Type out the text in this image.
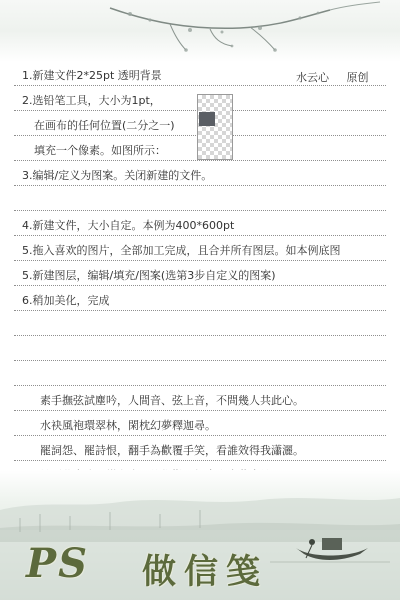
水云心 原创
1.新建文件2*25pt 透明背景
2.选铅笔工具，大小为1pt，
在画布的任何位置(二分之一)
填充一个像素。如图所示：
3.编辑/定义为图案。关闭新建的文件。
4.新建文件，大小自定。本例为400*600pt
5.拖入喜欢的图片，全部加工完成，且合并所有图层。如本例底图
5.新建图层，编辑/填充/图案(选第3步自定义的图案)
6.稍加美化，完成
素手撫弦試塵吟，人間音、弦上音，不問幾人共此心。
水袂風袍環翠林，閑枕幻夢釋迦尋。
罷詞怨、罷詩恨，翻手為歡覆手笑，看誰效得我瀟灑。
PS 做信笺
